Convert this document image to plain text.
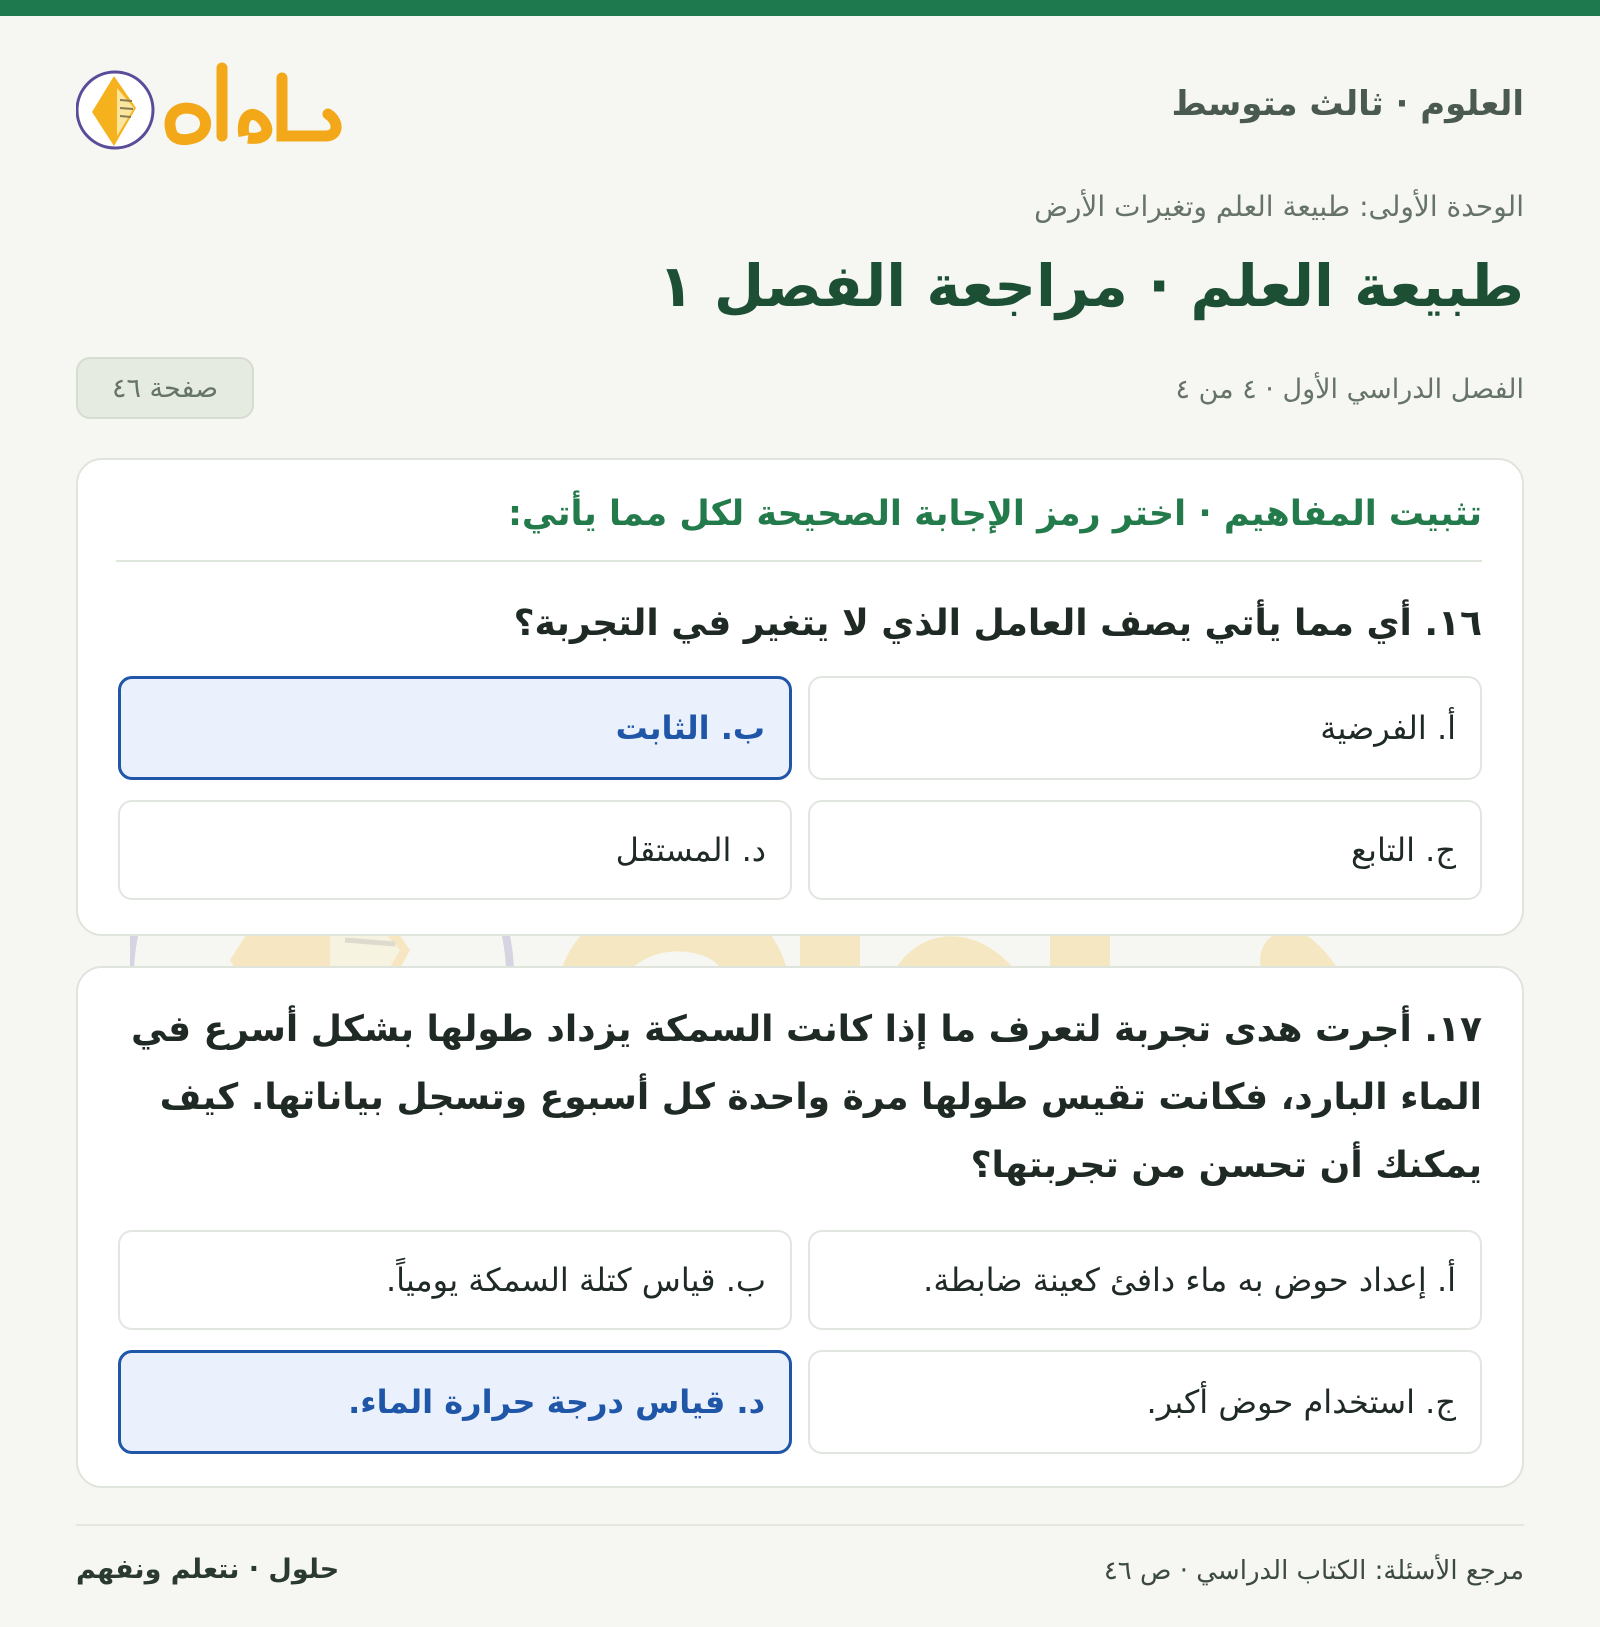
العلوم · ثالث متوسط
الوحدة الأولى: طبيعة العلم وتغيرات الأرض
طبيعة العلم · مراجعة الفصل ١
الفصل الدراسي الأول · ٤ من ٤
صفحة ٤٦
تثبيت المفاهيم · اختر رمز الإجابة الصحيحة لكل مما يأتي:
١٦. أي مما يأتي يصف العامل الذي لا يتغير في التجربة؟
أ. الفرضية
ب. الثابت
ج. التابع
د. المستقل
١٧. أجرت هدى تجربة لتعرف ما إذا كانت السمكة يزداد طولها بشكل أسرع في الماء البارد، فكانت تقيس طولها مرة واحدة كل أسبوع وتسجل بياناتها. كيف يمكنك أن تحسن من تجربتها؟
أ. إعداد حوض به ماء دافئ كعينة ضابطة.
ب. قياس كتلة السمكة يومياً.
ج. استخدام حوض أكبر.
د. قياس درجة حرارة الماء.
مرجع الأسئلة: الكتاب الدراسي · ص ٤٦
حلول · نتعلم ونفهم
